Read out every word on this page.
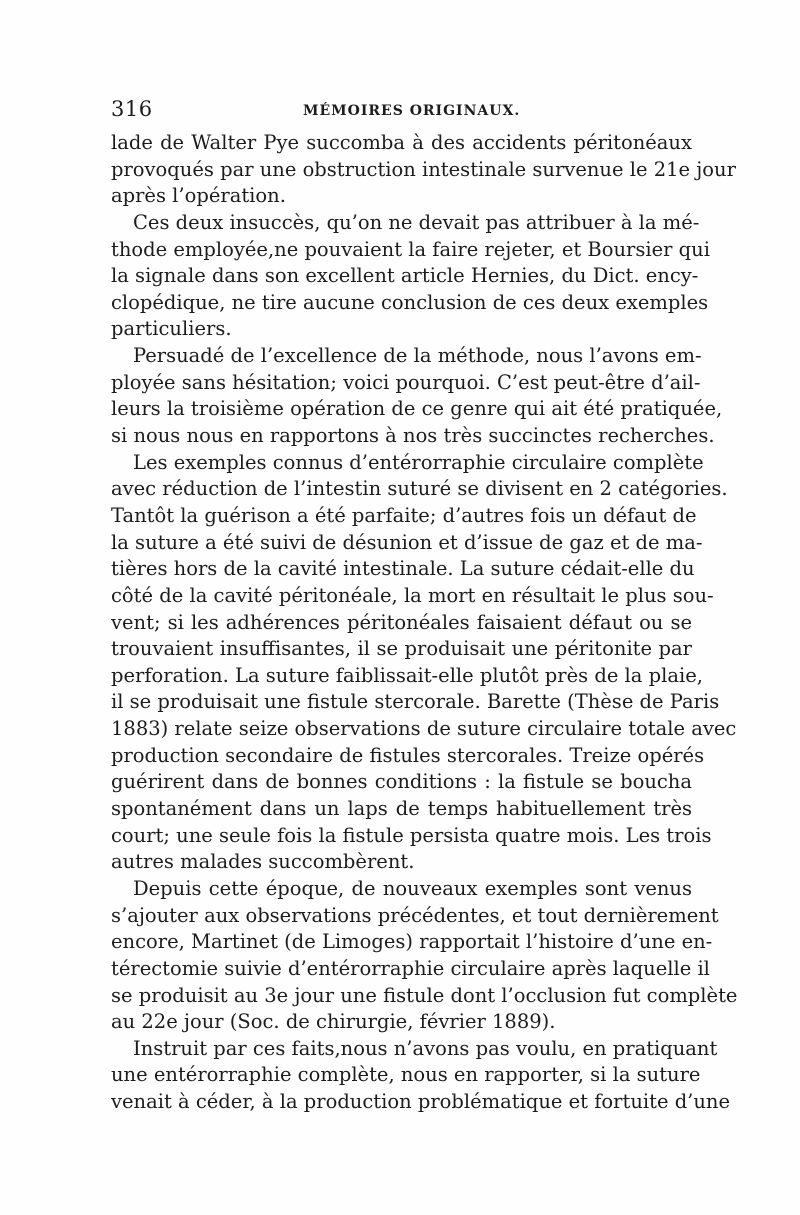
316	MÉMOIRES ORIGINAUX.
lade de Walter Pye succomba à des accidents péritonéaux
provoqués par une obstruction intestinale survenue le 21e jour
après l’opération.
Ces deux insuccès, qu’on ne devait pas attribuer à la mé-
thode employée,ne pouvaient la faire rejeter, et Boursier qui
la signale dans son excellent article Hernies, du Dict. ency-
clopédique, ne tire aucune conclusion de ces deux exemples
particuliers.
Persuadé de l’excellence de la méthode, nous l’avons em-
ployée sans hésitation; voici pourquoi. C’est peut-être d’ail-
leurs la troisième opération de ce genre qui ait été pratiquée,
si nous nous en rapportons à nos très succinctes recherches.
Les exemples connus d’entérorraphie circulaire complète
avec réduction de l’intestin suturé se divisent en 2 catégories.
Tantôt la guérison a été parfaite; d’autres fois un défaut de
la suture a été suivi de désunion et d’issue de gaz et de ma-
tières hors de la cavité intestinale. La suture cédait-elle du
côté de la cavité péritonéale, la mort en résultait le plus sou-
vent; si les adhérences péritonéales faisaient défaut ou se
trouvaient insuffisantes, il se produisait une péritonite par
perforation. La suture faiblissait-elle plutôt près de la plaie,
il se produisait une fistule stercorale. Barette (Thèse de Paris
1883) relate seize observations de suture circulaire totale avec
production secondaire de fistules stercorales. Treize opérés
guérirent dans de bonnes conditions : la fistule se boucha
spontanément dans un laps de temps habituellement très
court; une seule fois la fistule persista quatre mois. Les trois
autres malades succombèrent.
Depuis cette époque, de nouveaux exemples sont venus
s’ajouter aux observations précédentes, et tout dernièrement
encore, Martinet (de Limoges) rapportait l’histoire d’une en-
térectomie suivie d’entérorraphie circulaire après laquelle il
se produisit au 3e jour une fistule dont l’occlusion fut complète
au 22e jour (Soc. de chirurgie, février 1889).
Instruit par ces faits,nous n’avons pas voulu, en pratiquant
une entérorraphie complète, nous en rapporter, si la suture
venait à céder, à la production problématique et fortuite d’une
